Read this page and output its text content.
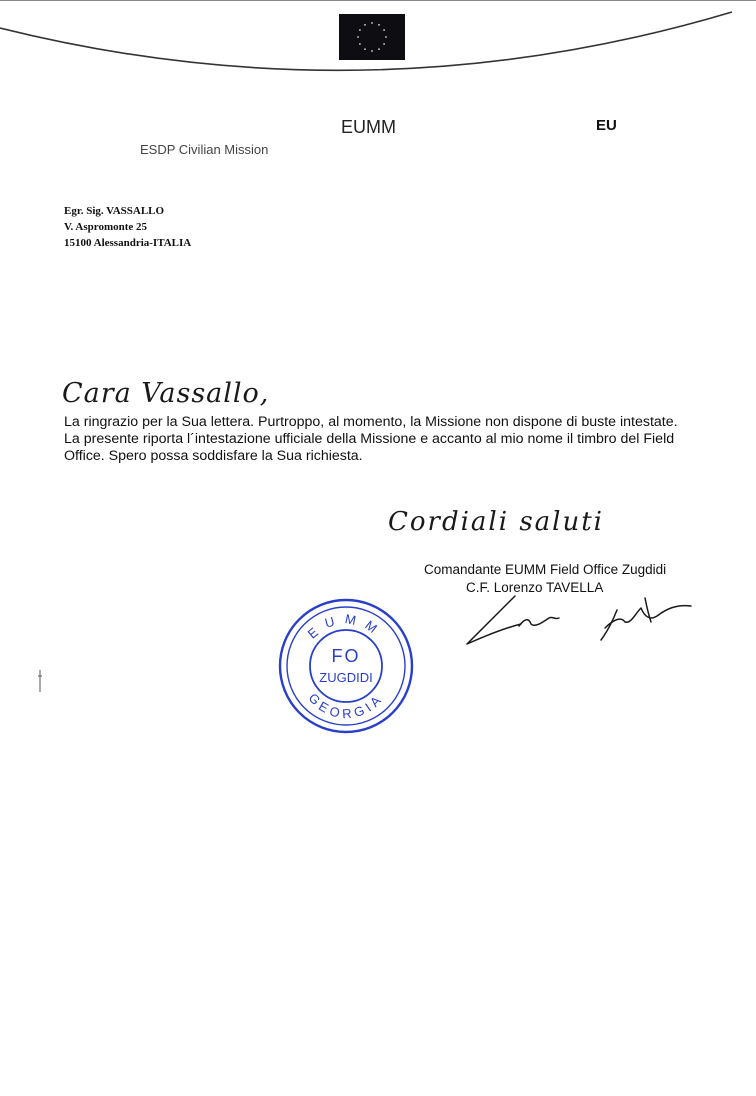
EUMM	EU
ESDP Civilian Mission
Egr. Sig. VASSALLO
V. Aspromonte 25
15100 Alessandria-ITALIA
Cara Vassallo,

La ringrazio per la Sua lettera. Purtroppo, al momento, la Missione non dispone di buste intestate.

La presente riporta l´intestazione ufficiale della Missione e accanto al mio nome il timbro del Field Office. Spero possa soddisfare la Sua richiesta.

Cordiali saluti
Comandante EUMM Field Office Zugdidi
C.F. Lorenzo TAVELLA
EUMM
GEORGIA
FO
ZUGDIDI
